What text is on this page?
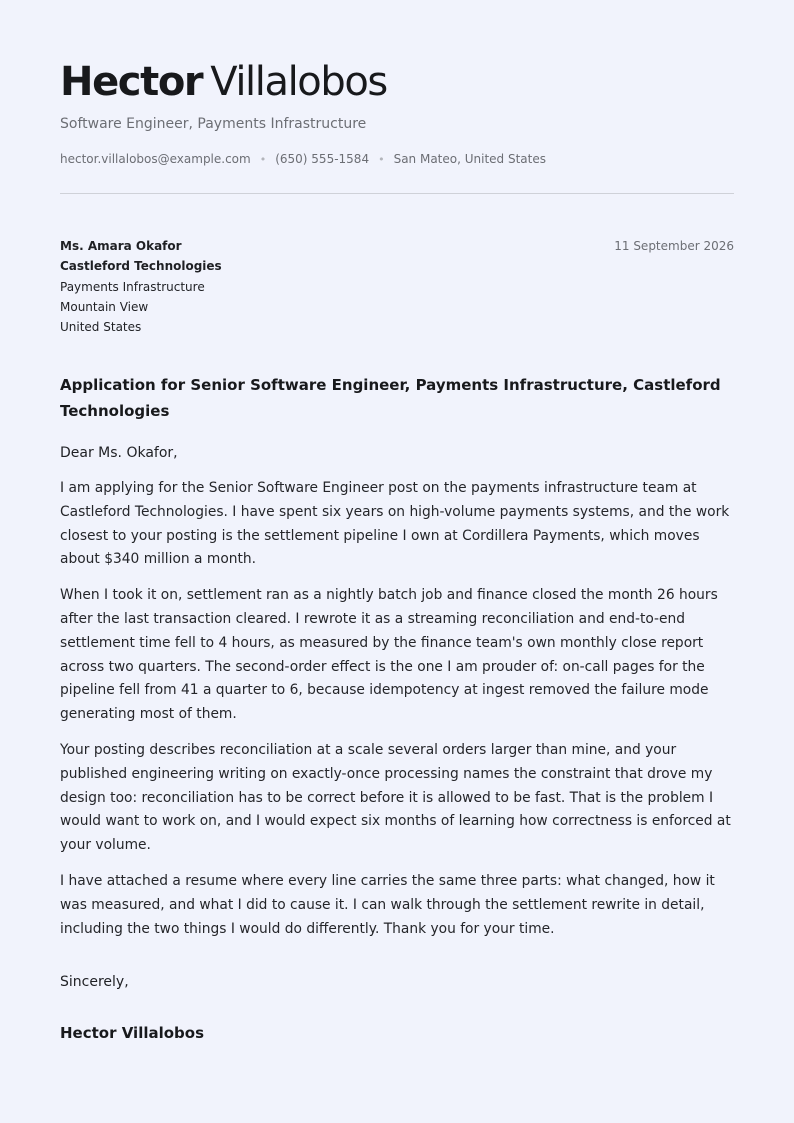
Hector Villalobos
Software Engineer, Payments Infrastructure
hector.villalobos@example.com • (650) 555-1584 • San Mateo, United States
Ms. Amara Okafor
Castleford Technologies
Payments Infrastructure
Mountain View
United States
11 September 2026
Application for Senior Software Engineer, Payments Infrastructure, Castleford Technologies
Dear Ms. Okafor,
I am applying for the Senior Software Engineer post on the payments infrastructure team at Castleford Technologies. I have spent six years on high-volume payments systems, and the work closest to your posting is the settlement pipeline I own at Cordillera Payments, which moves about $340 million a month.
When I took it on, settlement ran as a nightly batch job and finance closed the month 26 hours after the last transaction cleared. I rewrote it as a streaming reconciliation and end-to-end settlement time fell to 4 hours, as measured by the finance team's own monthly close report across two quarters. The second-order effect is the one I am prouder of: on-call pages for the pipeline fell from 41 a quarter to 6, because idempotency at ingest removed the failure mode generating most of them.
Your posting describes reconciliation at a scale several orders larger than mine, and your published engineering writing on exactly-once processing names the constraint that drove my design too: reconciliation has to be correct before it is allowed to be fast. That is the problem I would want to work on, and I would expect six months of learning how correctness is enforced at your volume.
I have attached a resume where every line carries the same three parts: what changed, how it was measured, and what I did to cause it. I can walk through the settlement rewrite in detail, including the two things I would do differently. Thank you for your time.
Sincerely,
Hector Villalobos
